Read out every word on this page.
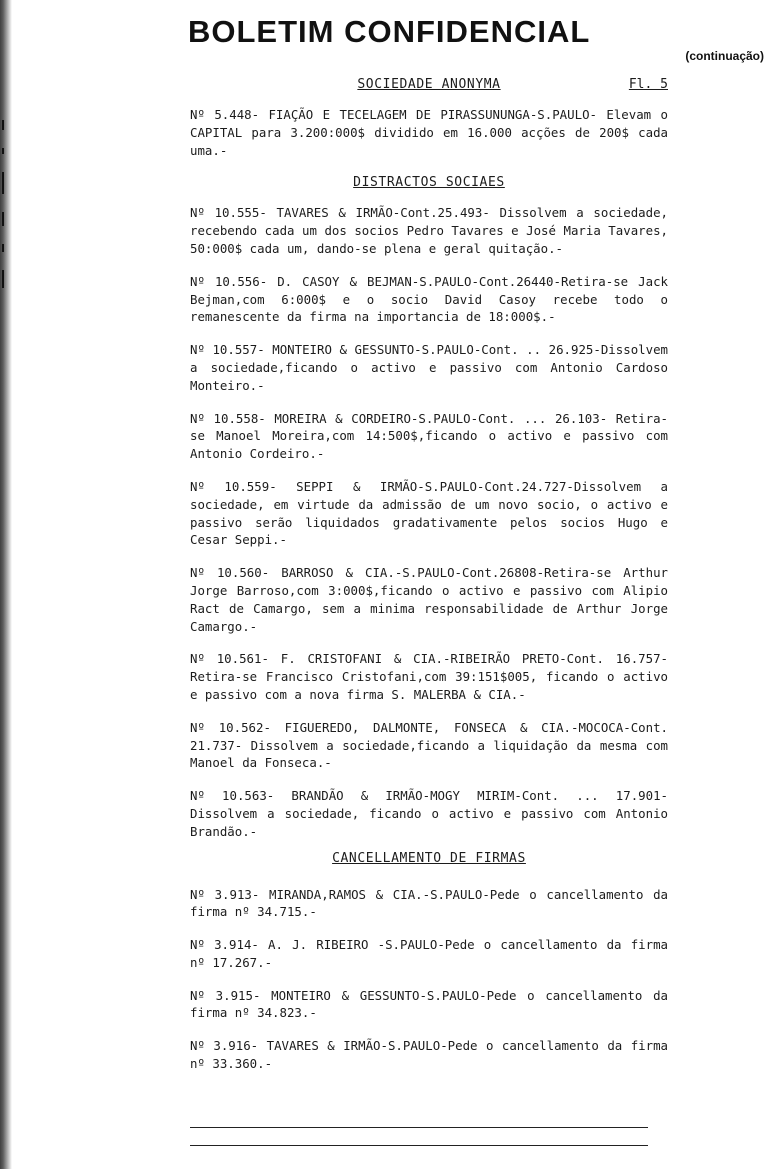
BOLETIM CONFIDENCIAL
(continuação)
SOCIEDADE ANONYMA	Fl. 5

Nº 5.448- FIAÇÃO E TECELAGEM DE PIRASSUNUNGA-S.PAULO- Elevam o CAPITAL para 3.200:000$ dividido em 16.000 acções de 200$ cada uma.-

DISTRACTOS SOCIAES

Nº 10.555- TAVARES & IRMÃO-Cont.25.493- Dissolvem a sociedade, recebendo cada um dos socios Pedro Tavares e José Maria Tavares, 50:000$ cada um, dando-se plena e geral quitação.-

Nº 10.556- D. CASOY & BEJMAN-S.PAULO-Cont.26440-Retira-se Jack Bejman,com 6:000$ e o socio David Casoy recebe todo o remanescente da firma na importancia de 18:000$.-

Nº 10.557- MONTEIRO & GESSUNTO-S.PAULO-Cont. .. 26.925-Dissolvem a sociedade,ficando o activo e passivo com Antonio Cardoso Monteiro.-

Nº 10.558- MOREIRA & CORDEIRO-S.PAULO-Cont. ... 26.103- Retira-se Manoel Moreira,com 14:500$,ficando o activo e passivo com Antonio Cordeiro.-

Nº 10.559- SEPPI & IRMÃO-S.PAULO-Cont.24.727-Dissolvem a sociedade, em virtude da admissão de um novo socio, o activo e passivo serão liquidados gradativamente pelos socios Hugo e Cesar Seppi.-

Nº 10.560- BARROSO & CIA.-S.PAULO-Cont.26808-Retira-se Arthur Jorge Barroso,com 3:000$,ficando o activo e passivo com Alipio Ract de Camargo, sem a minima responsabilidade de Arthur Jorge Camargo.-

Nº 10.561- F. CRISTOFANI & CIA.-RIBEIRÃO PRETO-Cont. 16.757- Retira-se Francisco Cristofani,com 39:151$005, ficando o activo e passivo com a nova firma S. MALERBA & CIA.-

Nº 10.562- FIGUEREDO, DALMONTE, FONSECA & CIA.-MOCOCA-Cont. 21.737- Dissolvem a sociedade,ficando a liquidação da mesma com Manoel da Fonseca.-

Nº 10.563- BRANDÃO & IRMÃO-MOGY MIRIM-Cont. ... 17.901- Dissolvem a sociedade, ficando o activo e passivo com Antonio Brandão.-

CANCELLAMENTO DE FIRMAS

Nº 3.913- MIRANDA,RAMOS & CIA.-S.PAULO-Pede o cancellamento da firma nº 34.715.-

Nº 3.914- A. J. RIBEIRO -S.PAULO-Pede o cancellamento da firma nº 17.267.-

Nº 3.915- MONTEIRO & GESSUNTO-S.PAULO-Pede o cancellamento da firma nº 34.823.-

Nº 3.916- TAVARES & IRMÃO-S.PAULO-Pede o cancellamento da firma nº 33.360.-
